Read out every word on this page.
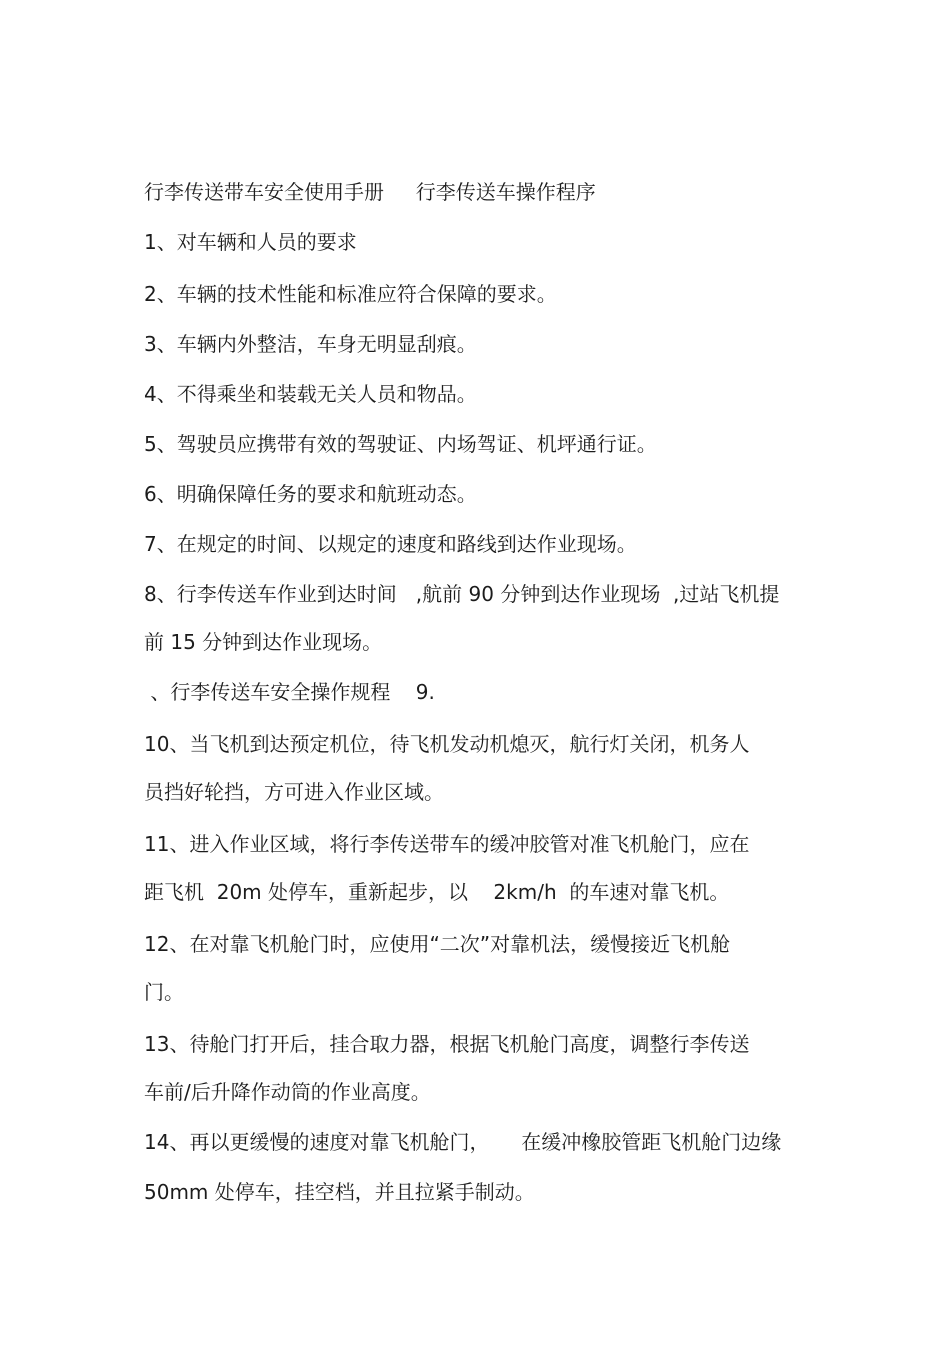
行李传送带车安全使用手册     行李传送车操作程序
1、对车辆和人员的要求
2、车辆的技术性能和标准应符合保障的要求。
3、车辆内外整洁，车身无明显刮痕。
4、不得乘坐和装载无关人员和物品。
5、驾驶员应携带有效的驾驶证、内场驾证、机坪通行证。
6、明确保障任务的要求和航班动态。
7、在规定的时间、以规定的速度和路线到达作业现场。
8、行李传送车作业到达时间   ,航前 90 分钟到达作业现场  ,过站飞机提
前 15 分钟到达作业现场。
、行李传送车安全操作规程    9.
10、当飞机到达预定机位，待飞机发动机熄灭，航行灯关闭，机务人
员挡好轮挡，方可进入作业区域。
11、进入作业区域，将行李传送带车的缓冲胶管对准飞机舱门，应在
距飞机  20m 处停车，重新起步，以    2km/h  的车速对靠飞机。
12、在对靠飞机舱门时，应使用“二次”对靠机法，缓慢接近飞机舱
门。
13、待舱门打开后，挂合取力器，根据飞机舱门高度，调整行李传送
车前/后升降作动筒的作业高度。
14、再以更缓慢的速度对靠飞机舱门，     在缓冲橡胶管距飞机舱门边缘
50mm 处停车，挂空档，并且拉紧手制动。
